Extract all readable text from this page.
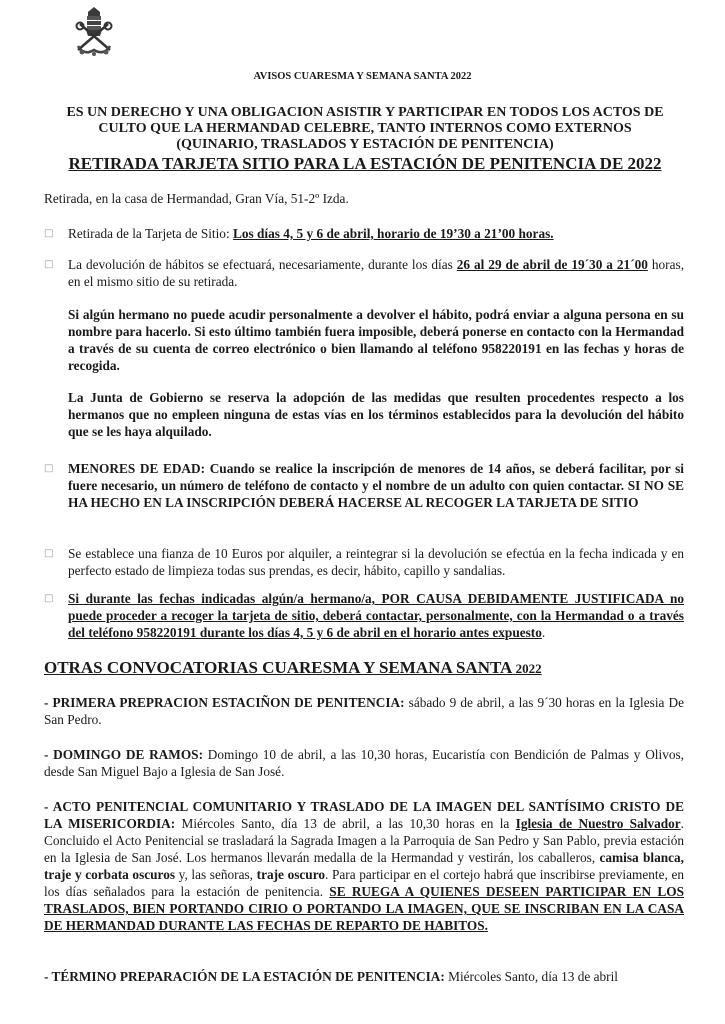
AVISOS CUARESMA Y SEMANA SANTA 2022
ES UN DERECHO Y UNA OBLIGACION ASISTIR Y PARTICIPAR EN TODOS LOS ACTOS DE
CULTO QUE LA HERMANDAD CELEBRE, TANTO INTERNOS COMO EXTERNOS
(QUINARIO, TRASLADOS Y ESTACIÓN DE PENITENCIA)
RETIRADA TARJETA SITIO PARA LA ESTACIÓN DE PENITENCIA DE 2022
Retirada, en la casa de Hermandad, Gran Vía, 51-2º Izda.
□	Retirada de la Tarjeta de Sitio: Los días 4, 5 y 6 de abril, horario de 19’30 a 21’00 horas.
□	La devolución de hábitos se efectuará, necesariamente, durante los días 26 al 29 de abril de 19´30 a 21´00 horas, en el mismo sitio de su retirada.
Si algún hermano no puede acudir personalmente a devolver el hábito, podrá enviar a alguna persona en su nombre para hacerlo. Si esto último también fuera imposible, deberá ponerse en contacto con la Hermandad a través de su cuenta de correo electrónico o bien llamando al teléfono 958220191 en las fechas y horas de recogida.
La Junta de Gobierno se reserva la adopción de las medidas que resulten procedentes respecto a los hermanos que no empleen ninguna de estas vías en los términos establecidos para la devolución del hábito que se les haya alquilado.
□	MENORES DE EDAD: Cuando se realice la inscripción de menores de 14 años, se deberá facilitar, por si fuere necesario, un número de teléfono de contacto y el nombre de un adulto con quien contactar. SI NO SE HA HECHO EN LA INSCRIPCIÓN DEBERÁ HACERSE AL RECOGER LA TARJETA DE SITIO
□	Se establece una fianza de 10 Euros por alquiler, a reintegrar si la devolución se efectúa en la fecha indicada y en perfecto estado de limpieza todas sus prendas, es decir, hábito, capillo y sandalias.
□	Si durante las fechas indicadas algún/a hermano/a, POR CAUSA DEBIDAMENTE JUSTIFICADA no puede proceder a recoger la tarjeta de sitio, deberá contactar, personalmente, con la Hermandad o a través del teléfono 958220191 durante los días 4, 5 y 6 de abril en el horario antes expuesto.
OTRAS CONVOCATORIAS CUARESMA Y SEMANA SANTA 2022
- PRIMERA PREPRACION ESTACIÑON DE PENITENCIA: sábado 9 de abril, a las 9´30 horas en la Iglesia De San Pedro.
- DOMINGO DE RAMOS: Domingo 10 de abril, a las 10,30 horas, Eucaristía con Bendición de Palmas y Olivos, desde San Miguel Bajo a Iglesia de San José.
- ACTO PENITENCIAL COMUNITARIO Y TRASLADO DE LA IMAGEN DEL SANTÍSIMO CRISTO DE LA MISERICORDIA: Miércoles Santo, día 13 de abril, a las 10,30 horas en la Iglesia de Nuestro Salvador. Concluido el Acto Penitencial se trasladará la Sagrada Imagen a la Parroquia de San Pedro y San Pablo, previa estación en la Iglesia de San José. Los hermanos llevarán medalla de la Hermandad y vestirán, los caballeros, camisa blanca, traje y corbata oscuros y, las señoras, traje oscuro. Para participar en el cortejo habrá que inscribirse previamente, en los días señalados para la estación de penitencia. SE RUEGA A QUIENES DESEEN PARTICIPAR EN LOS TRASLADOS, BIEN PORTANDO CIRIO O PORTANDO LA IMAGEN, QUE SE INSCRIBAN EN LA CASA DE HERMANDAD DURANTE LAS FECHAS DE REPARTO DE HABITOS.
- TÉRMINO PREPARACIÓN DE LA ESTACIÓN DE PENITENCIA: Miércoles Santo, día 13 de abril
